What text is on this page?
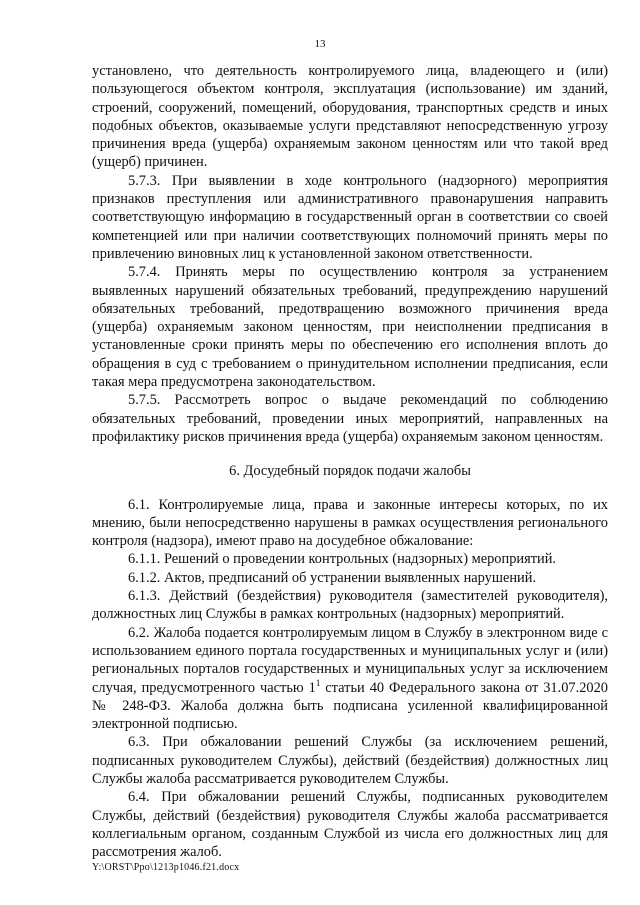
13

установлено, что деятельность контролируемого лица, владеющего и (или) пользующегося объектом контроля, эксплуатация (использование) им зданий, строений, сооружений, помещений, оборудования, транспортных средств и иных подобных объектов, оказываемые услуги представляют непосредственную угрозу причинения вреда (ущерба) охраняемым законом ценностям или что такой вред (ущерб) причинен.

5.7.3. При выявлении в ходе контрольного (надзорного) мероприятия признаков преступления или административного правонарушения направить соответствующую информацию в государственный орган в соответствии со своей компетенцией или при наличии соответствующих полномочий принять меры по привлечению виновных лиц к установленной законом ответственности.

5.7.4. Принять меры по осуществлению контроля за устранением выявленных нарушений обязательных требований, предупреждению нарушений обязательных требований, предотвращению возможного причинения вреда (ущерба) охраняемым законом ценностям, при неисполнении предписания в установленные сроки принять меры по обеспечению его исполнения вплоть до обращения в суд с требованием о принудительном исполнении предписания, если такая мера предусмотрена законодательством.

5.7.5. Рассмотреть вопрос о выдаче рекомендаций по соблюдению обязательных требований, проведении иных мероприятий, направленных на профилактику рисков причинения вреда (ущерба) охраняемым законом ценностям.

6. Досудебный порядок подачи жалобы

6.1. Контролируемые лица, права и законные интересы которых, по их мнению, были непосредственно нарушены в рамках осуществления регионального контроля (надзора), имеют право на досудебное обжалование:

6.1.1. Решений о проведении контрольных (надзорных) мероприятий.

6.1.2. Актов, предписаний об устранении выявленных нарушений.

6.1.3. Действий (бездействия) руководителя (заместителей руководителя), должностных лиц Службы в рамках контрольных (надзорных) мероприятий.

6.2. Жалоба подается контролируемым лицом в Службу в электронном виде с использованием единого портала государственных и муниципальных услуг и (или) региональных порталов государственных и муниципальных услуг за исключением случая, предусмотренного частью $1^1$ статьи 40 Федерального закона от 31.07.2020 № 248-ФЗ. Жалоба должна быть подписана усиленной квалифицированной электронной подписью.

6.3. При обжаловании решений Службы (за исключением решений, подписанных руководителем Службы), действий (бездействия) должностных лиц Службы жалоба рассматривается руководителем Службы.

6.4. При обжаловании решений Службы, подписанных руководителем Службы, действий (бездействия) руководителя Службы жалоба рассматривается коллегиальным органом, созданным Службой из числа его должностных лиц для рассмотрения жалоб.

Y:\ORST\Ppo\1213p1046.f21.docx
